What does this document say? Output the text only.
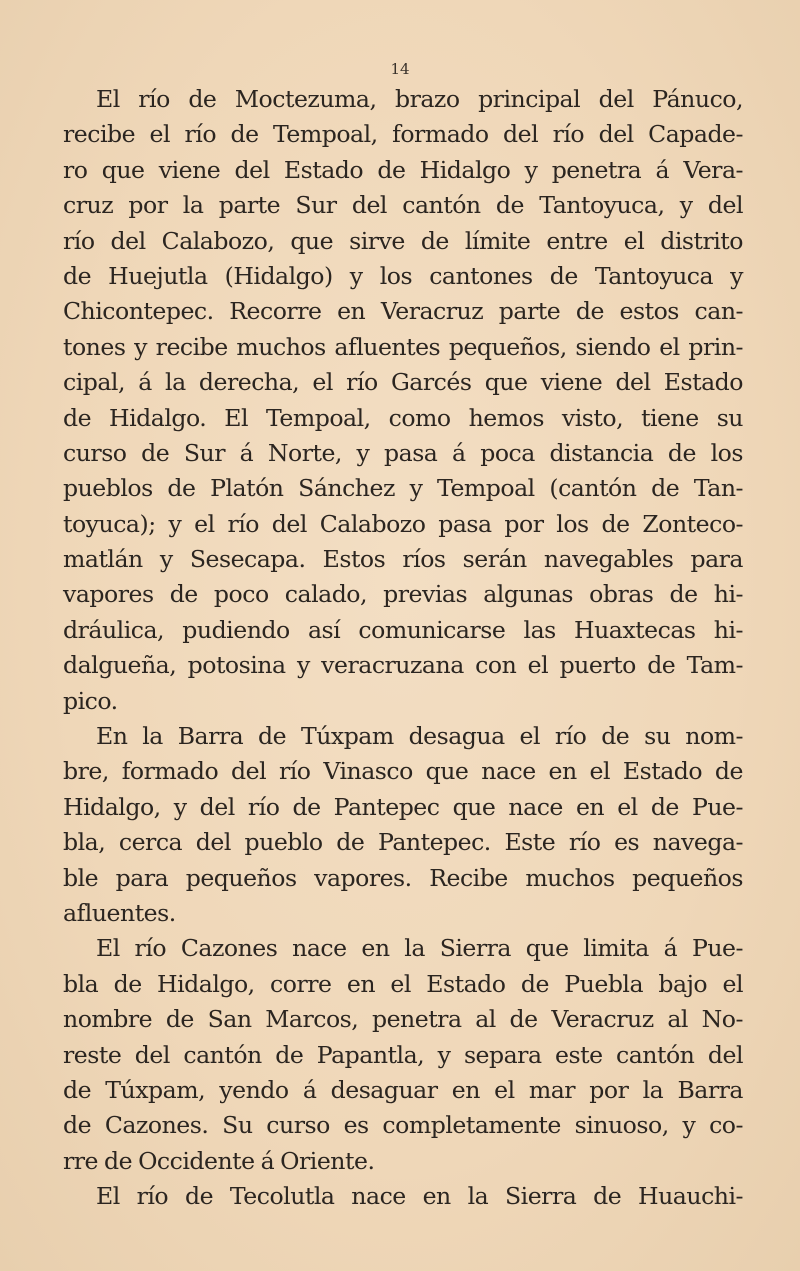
14
El río de Moctezuma, brazo principal del Pánuco,
recibe el río de Tempoal, formado del río del Capade-
ro que viene del Estado de Hidalgo y penetra á Vera-
cruz por la parte Sur del cantón de Tantoyuca, y del
río del Calabozo, que sirve de límite entre el distrito
de Huejutla (Hidalgo) y los cantones de Tantoyuca y
Chicontepec. Recorre en Veracruz parte de estos can-
tones y recibe muchos afluentes pequeños, siendo el prin-
cipal, á la derecha, el río Garcés que viene del Estado
de Hidalgo. El Tempoal, como hemos visto, tiene su
curso de Sur á Norte, y pasa á poca distancia de los
pueblos de Platón Sánchez y Tempoal (cantón de Tan-
toyuca); y el río del Calabozo pasa por los de Zonteco-
matlán y Sesecapa. Estos ríos serán navegables para
vapores de poco calado, previas algunas obras de hi-
dráulica, pudiendo así comunicarse las Huaxtecas hi-
dalgueña, potosina y veracruzana con el puerto de Tam-
pico.
En la Barra de Túxpam desagua el río de su nom-
bre, formado del río Vinasco que nace en el Estado de
Hidalgo, y del río de Pantepec que nace en el de Pue-
bla, cerca del pueblo de Pantepec. Este río es navega-
ble para pequeños vapores. Recibe muchos pequeños
afluentes.
El río Cazones nace en la Sierra que limita á Pue-
bla de Hidalgo, corre en el Estado de Puebla bajo el
nombre de San Marcos, penetra al de Veracruz al No-
reste del cantón de Papantla, y separa este cantón del
de Túxpam, yendo á desaguar en el mar por la Barra
de Cazones. Su curso es completamente sinuoso, y co-
rre de Occidente á Oriente.
El río de Tecolutla nace en la Sierra de Huauchi-
